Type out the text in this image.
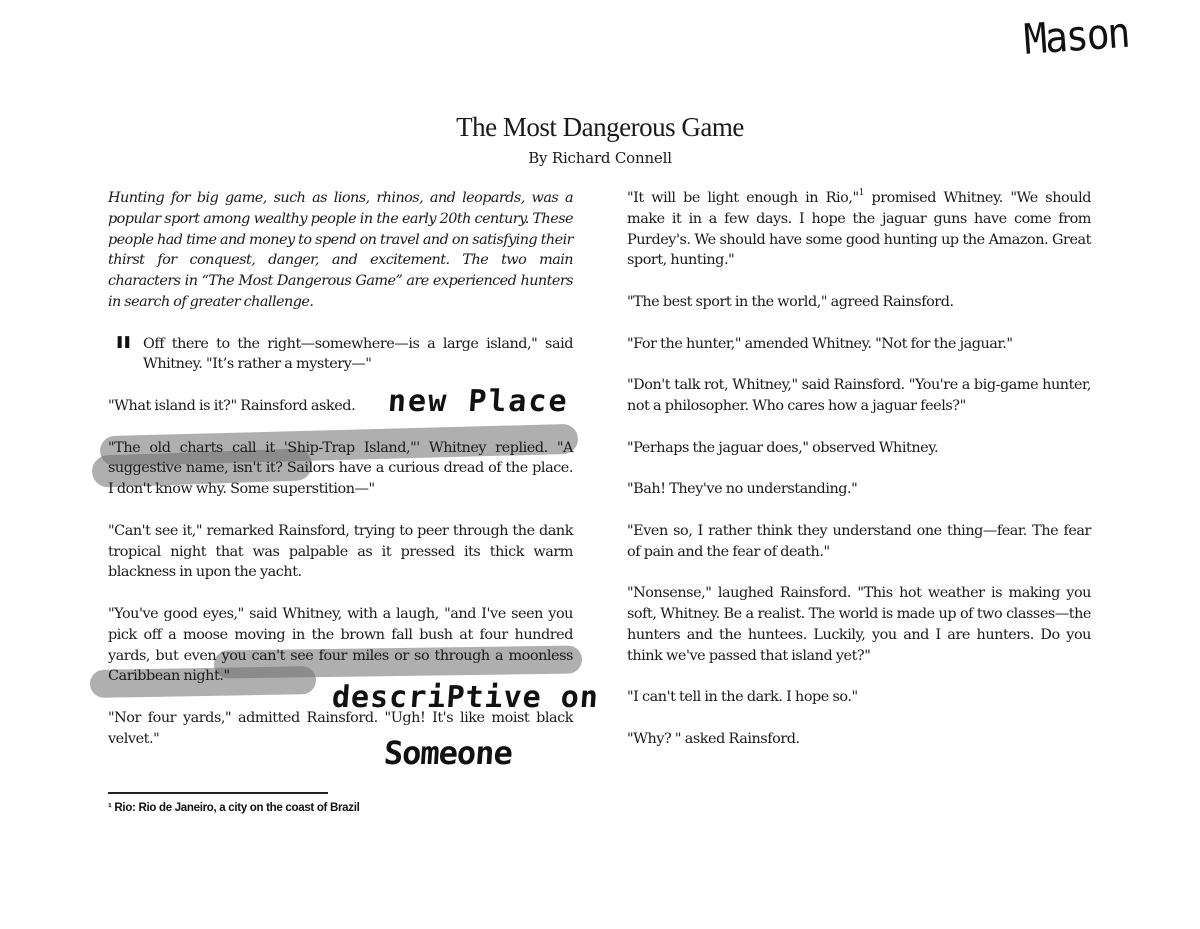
The Most Dangerous Game
By Richard Connell

Hunting for big game, such as lions, rhinos, and leopards, was a popular sport among wealthy people in the early 20th century. These people had time and money to spend on travel and on satisfying their thirst for conquest, danger, and excitement. The two main characters in “The Most Dangerous Game” are experienced hunters in search of greater challenge.

Off there to the right—somewhere—is a large island," said Whitney. "It’s rather a mystery—"

"What island is it?" Rainsford asked.

"The old charts call it 'Ship-Trap Island,"' Whitney replied. "A suggestive name, isn't it? Sailors have a curious dread of the place. I don't know why. Some superstition—"

"Can't see it," remarked Rainsford, trying to peer through the dank tropical night that was palpable as it pressed its thick warm blackness in upon the yacht.

"You've good eyes," said Whitney, with a laugh, "and I've seen you pick off a moose moving in the brown fall bush at four hundred yards, but even you can't see four miles or so through a moonless Caribbean night."

"Nor four yards," admitted Rainsford. "Ugh! It's like moist black velvet."

"

"It will be light enough in Rio,"$^1$ promised Whitney. "We should make it in a few days. I hope the jaguar guns have come from Purdey's. We should have some good hunting up the Amazon. Great sport, hunting."

"The best sport in the world," agreed Rainsford.

"For the hunter," amended Whitney. "Not for the jaguar."

"Don't talk rot, Whitney," said Rainsford. "You're a big-game hunter, not a philosopher. Who cares how a jaguar feels?"

"Perhaps the jaguar does," observed Whitney.

"Bah! They've no understanding."

"Even so, I rather think they understand one thing—fear. The fear of pain and the fear of death."

"Nonsense," laughed Rainsford. "This hot weather is making you soft, Whitney. Be a realist. The world is made up of two classes—the hunters and the huntees. Luckily, you and I are hunters. Do you think we've passed that island yet?"

"I can't tell in the dark. I hope so."

"Why? " asked Rainsford.

¹ Rio: Rio de Janeiro, a city on the coast of Brazil
Mason
new Place
descriPtive on
Someone
